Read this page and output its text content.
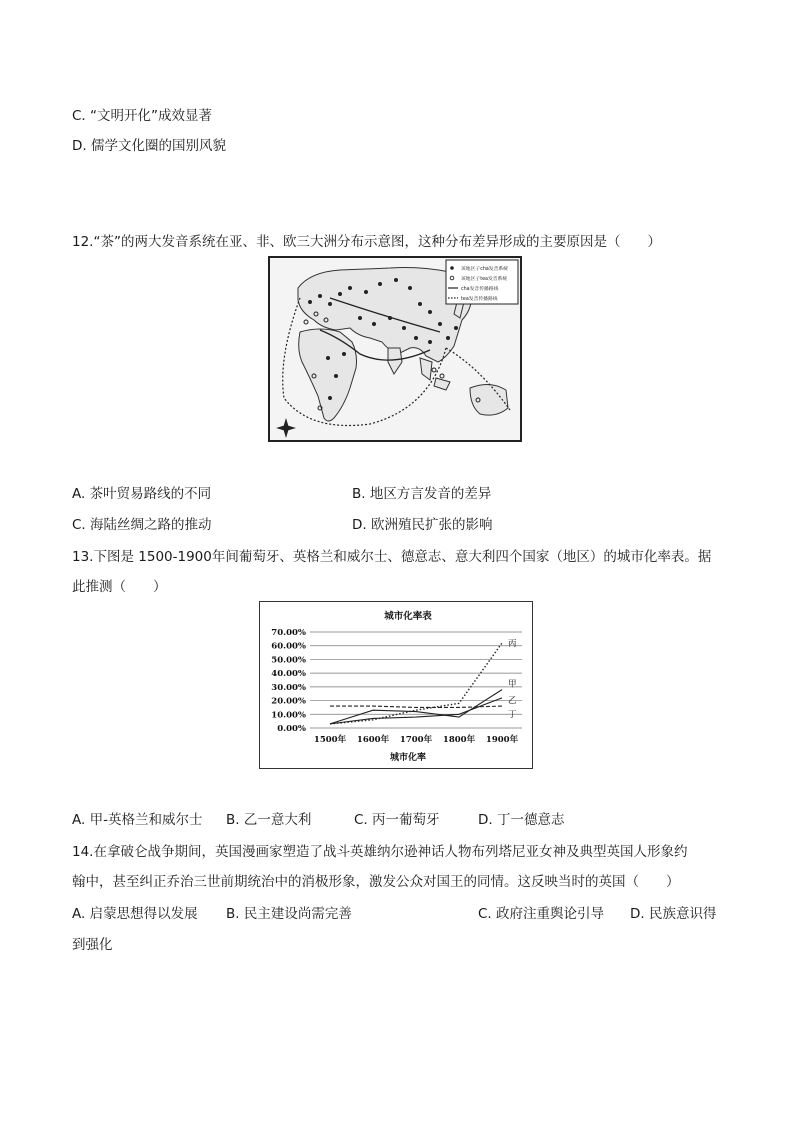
C. “文明开化”成效显著
D. 儒学文化圈的国别风貌
12.“茶”的两大发音系统在亚、非、欧三大洲分布示意图，这种分布差异形成的主要原因是（　　）
该地区子cha发音系统
该地区子tea发音系统
cha发音传播路线
tea发音传播路线
A. 茶叶贸易路线的不同	B. 地区方言发音的差异
C. 海陆丝绸之路的推动	D. 欧洲殖民扩张的影响
13.下图是 1500-1900年间葡萄牙、英格兰和威尔士、德意志、意大利四个国家（地区）的城市化率表。据
此推测（　　）
城市化率表
0.00%
10.00%
20.00%
30.00%
40.00%
50.00%
60.00%
70.00%
1500年 1600年 1700年 1800年 1900年
甲
乙
丙
丁
城市化率
A. 甲-英格兰和威尔士 B. 乙一意大利	C. 丙一葡萄牙	D. 丁一德意志
14.在拿破仑战争期间，英国漫画家塑造了战斗英雄纳尔逊神话人物布列塔尼亚女神及典型英国人形象约
翰中，甚至纠正乔治三世前期统治中的消极形象，激发公众对国王的同情。这反映当时的英国（　　）
A. 启蒙思想得以发展 B. 民主建设尚需完善	C. 政府注重舆论引导 D. 民族意识得
到强化
